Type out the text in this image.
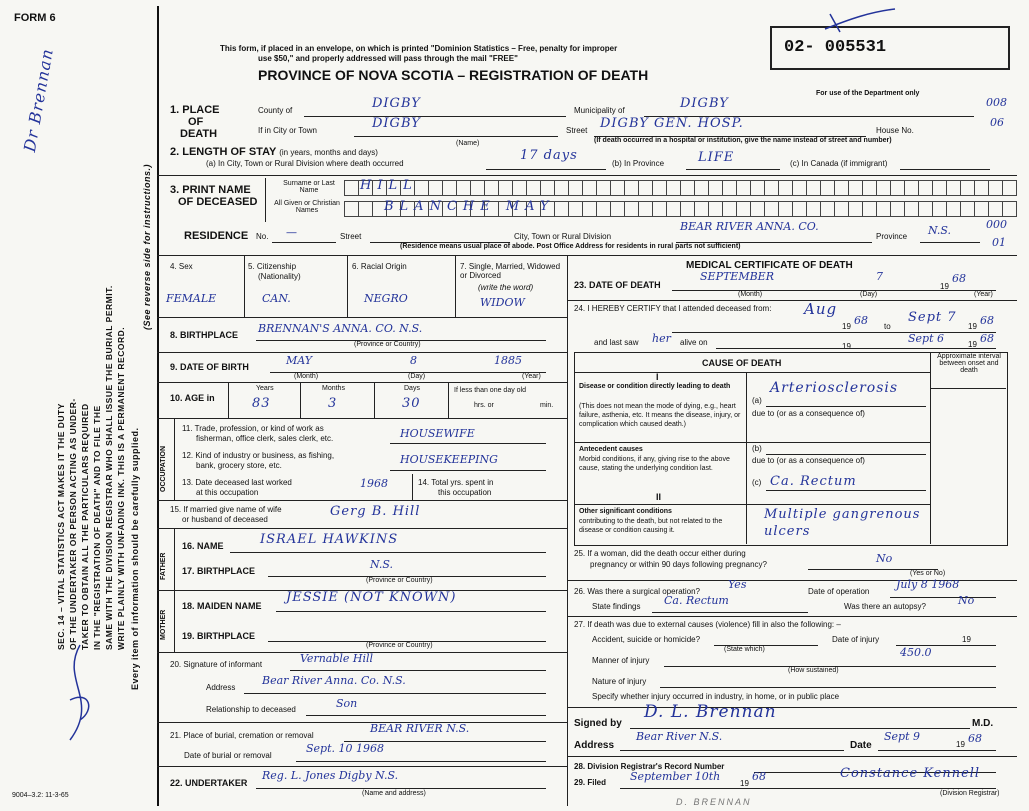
FORM 6
This form, if placed in an envelope, on which is printed "Dominion Statistics – Free, penalty for improper
use $50," and properly addressed will pass through the mail "FREE"
PROVINCE OF NOVA SCOTIA – REGISTRATION OF DEATH
02- 005531
For use of the Department only
008
06
000
01
Dr Brennan
SEC. 14 – VITAL STATISTICS ACT MAKES IT THE DUTY OF THE UNDERTAKER OR PERSON ACTING AS UNDER- TAKER TO OBTAIN ALL THE PARTICULARS REQUIRED IN THE "REGISTRATION OF DEATH" AND TO FILE THE SAME WITH THE DIVISION REGISTRAR WHO SHALL ISSUE THE BURIAL PERMIT. WRITE PLAINLY WITH UNFADING INK. THIS IS A PERMANENT RECORD. Every item of information should be carefully supplied.
(See reverse side for instructions.)
1. PLACE
OF
DEATH
County of	DIGBY	Municipality of	DIGBY
If in City or Town	DIGBY	Street DIGBY GEN. HOSP.	House No.
(Name)	(If death occurred in a hospital or institution, give the name instead of street and number)
2. LENGTH OF STAY (in years, months and days)
(a) In City, Town or Rural Division where death occurred
17 days
(b) In Province	LIFE	(c) In Canada (if immigrant)
3. PRINT NAME
OF DECEASED
Surname or Last Name	HILL
All Given or Christian Names	BLANCHE MAY
RESIDENCE No. —	Street	City, Town or Rural Division
BEAR RIVER ANNA. CO.
Province N.S.
(Residence means usual place of abode. Post Office Address for residents in rural parts not sufficient)
4. Sex
FEMALE
5. Citizenship
(Nationality)
CAN.
6. Racial Origin
NEGRO
7. Single, Married, Widowed or Divorced
(write the word)
WIDOW
8. BIRTHPLACE BRENNAN'S ANNA. CO. N.S.
(Province or Country)
9. DATE OF BIRTH	MAY	8	1885
(Month)	(Day)	(Year)
10. AGE in
Years	Months	Days
83	3	30
If less than one day old
hrs. or	min.
OCCUPATION
11. Trade, profession, or kind of work as
fisherman, office clerk, sales clerk, etc.	HOUSEWIFE
12. Kind of industry or business, as fishing,
bank, grocery store, etc.	HOUSEKEEPING
13. Date deceased last worked
at this occupation
1968	14. Total yrs. spent in
this occupation
15. If married give name of wife
or husband of deceased
Gerg B. Hill
FATHER
16. NAME	ISRAEL HAWKINS
17. BIRTHPLACE	N.S.
(Province or Country)
MOTHER
18. MAIDEN NAME
JESSIE (NOT KNOWN)
19. BIRTHPLACE
(Province or Country)
20. Signature of informant	Vernable Hill
Address
Bear River Anna. Co. N.S.
Relationship to deceased	Son
21. Place of burial, cremation or removal
BEAR RIVER N.S.
Date of burial or removal
Sept. 10 1968
22. UNDERTAKER
Reg. L. Jones Digby N.S.
(Name and address)
9004–3.2: 11-3-65
MEDICAL CERTIFICATE OF DEATH
23. DATE OF DEATH
SEPTEMBER	7
19
68
(Month)	(Day)	(Year)
24. I HEREBY CERTIFY that I attended deceased from: Aug
19 68 to
Sept 7
19 68
and last saw her alive on	19
Sept 6	19 68
CAUSE OF DEATH
Approximate interval between onset and death
I
Disease or condition directly leading to death
(This does not mean the mode of dying, e.g., heart failure, asthenia, etc. It means the disease, injury, or complication which caused death.)
(a)
Arteriosclerosis
due to (or as a consequence of)
Antecedent causes
Morbid conditions, if any, giving rise to the above cause, stating the underlying condition last.
(b)
due to (or as a consequence of)
(c) Ca. Rectum
II
Other significant conditions
contributing to the death, but not related to the disease or condition causing it.
Multiple gangrenous ulcers
25. If a woman, did the death occur either during
pregnancy or within 90 days following pregnancy?	No
(Yes or No)
26. Was there a surgical operation?
Yes
Date of operation
July 8 1968
State findings Ca. Rectum	Was there an autopsy?	No
27. If death was due to external causes (violence) fill in also the following: –
Accident, suicide or homicide?	Date of injury	19
(State which)
Manner of injury
450.0
(How sustained)
Nature of injury
Specify whether injury occurred in industry, in home, or in public place
Signed by
D. L. Brennan
M.D.
Address
Bear River N.S.
Date
Sept 9
19 68
28. Division Registrar's Record Number
29. Filed September 10th
19
68	Constance Kennell
(Division Registrar)
D. BRENNAN
